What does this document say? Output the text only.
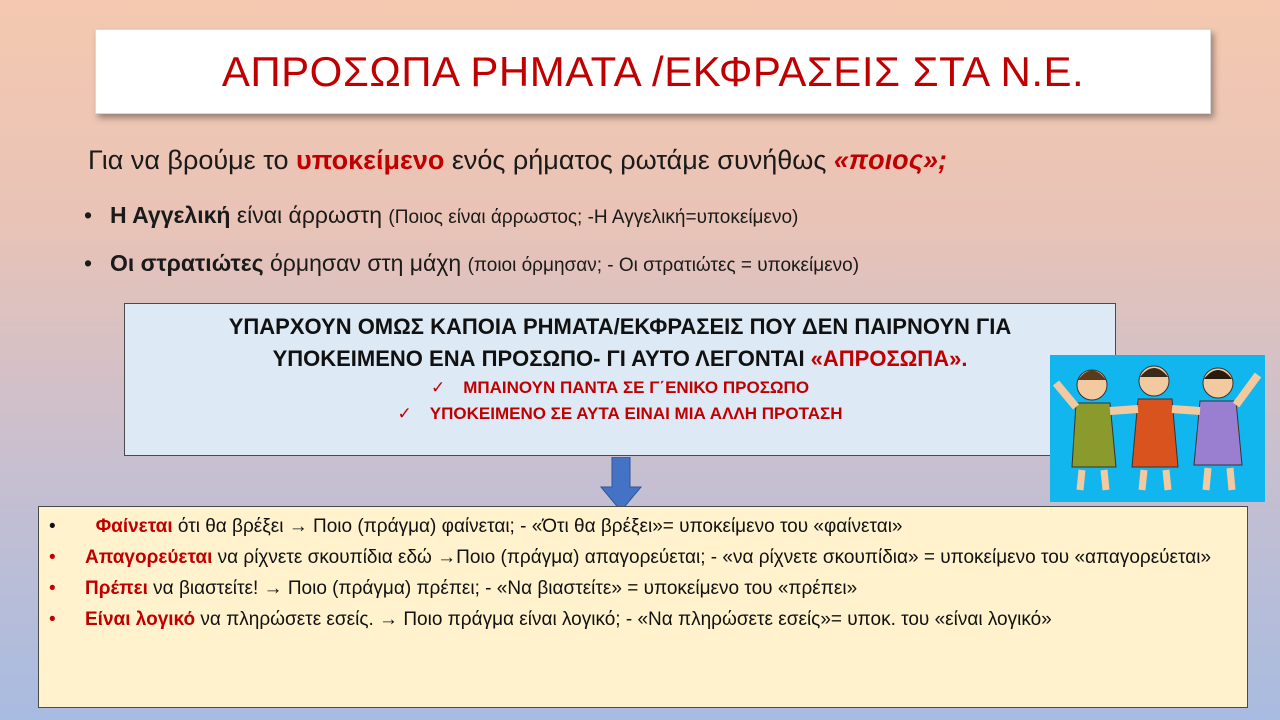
ΑΠΡΟΣΩΠΑ ΡΗΜΑΤΑ /ΕΚΦΡΑΣΕΙΣ ΣΤΑ Ν.Ε.
Για να βρούμε το υποκείμενο ενός ρήματος ρωτάμε συνήθως «ποιος»;
• Η Αγγελική είναι άρρωστη (Ποιος είναι άρρωστος; -Η Αγγελική=υποκείμενο)
• Οι στρατιώτες όρμησαν στη μάχη (ποιοι όρμησαν; - Οι στρατιώτες = υποκείμενο)
ΥΠΑΡΧΟΥΝ ΟΜΩΣ ΚΑΠΟΙΑ ΡΗΜΑΤΑ/ΕΚΦΡΑΣΕΙΣ ΠΟΥ ΔΕΝ ΠΑΙΡΝΟΥΝ ΓΙΑ
ΥΠΟΚΕΙΜΕΝΟ ΕΝΑ ΠΡΟΣΩΠΟ- ΓΙ ΑΥΤΟ ΛΕΓΟΝΤΑΙ «ΑΠΡΟΣΩΠΑ».
✓ ΜΠΑΙΝΟΥΝ ΠΑΝΤΑ ΣΕ Γ΄ΕΝΙΚΟ ΠΡΟΣΩΠΟ
✓ ΥΠΟΚΕΙΜΕΝΟ ΣΕ ΑΥΤΑ ΕΙΝΑΙ ΜΙΑ ΑΛΛΗ ΠΡΟΤΑΣΗ
•	Φαίνεται ότι θα βρέξει → Ποιο (πράγμα) φαίνεται; - «Ότι θα βρέξει»= υποκείμενο του «φαίνεται»
•	Απαγορεύεται να ρίχνετε σκουπίδια εδώ →Ποιο (πράγμα) απαγορεύεται; - «να ρίχνετε σκουπίδια» = υποκείμενο του «απαγορεύεται»
•	Πρέπει να βιαστείτε! → Ποιο (πράγμα) πρέπει; - «Να βιαστείτε» = υποκείμενο του «πρέπει»
•	Είναι λογικό να πληρώσετε εσείς. → Ποιο πράγμα είναι λογικό; - «Να πληρώσετε εσείς»= υποκ. του «είναι λογικό»
